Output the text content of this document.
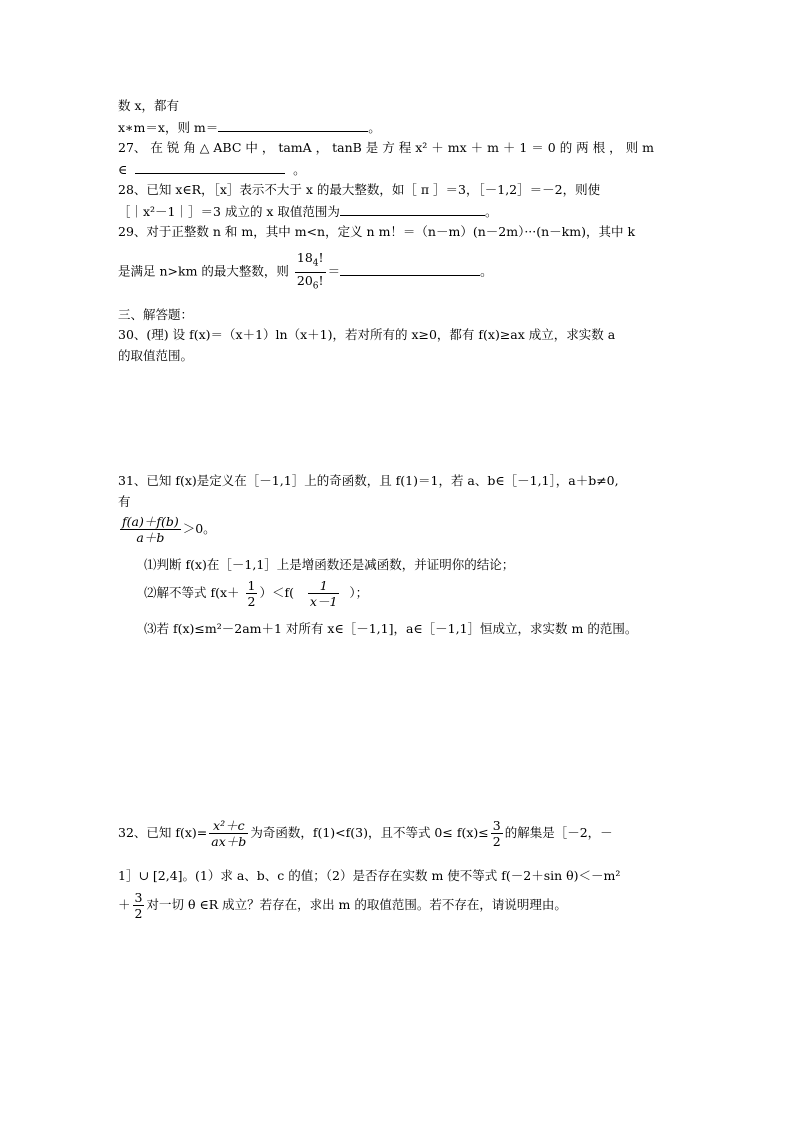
数 x，都有
x∗m＝x，则 m＝	。
27、 在 锐 角 △ ABC 中 ， tamA ， tanB 是 方 程 x² ＋ mx ＋ m ＋ 1 ＝ 0 的 两 根 ， 则 m
∈	。
28、已知 x∈R，［x］表示不大于 x 的最大整数，如［ π ］＝3，［－1,2］＝－2，则使
［｜x²－1｜］＝3 成立的 x 取值范围为	。
29、对于正整数 n 和 m，其中 m<n，定义 n m！＝（n－m）(n－2m）···(n－km)，其中 k
是满足 n>km 的最大整数，则 $\frac{18_4!}{20_6!}$ ＝	。
三、解答题：
30、(理) 设 f(x)＝（x＋1）ln（x＋1)，若对所有的 x≥0，都有 f(x)≥ax 成立，求实数 a
的取值范围。
31、已知 f(x)是定义在［－1,1］上的奇函数，且 f(1)＝1，若 a、b∈［－1,1］，a＋b≠0,
有
$\frac{f(a)+f(b)}{a+b} >0$。
⑴判断 f(x)在［－1,1］上是增函数还是减函数，并证明你的结论；
⑵解不等式 $f(x+ \frac{1}{2} )<f( \frac{1}{x-1}$ ）；
⑶若 f(x)≤m²－2am＋1 对所有 x∈［－1,1]，a∈［－1,1］恒成立，求实数 m 的范围。
32、已知 $f(x)= \frac{\text{x²＋c}}{ax+b}$ 为奇函数，f(1)<f(3)，且不等式 $0\le f(x)\le \frac{3}{2}$ 的解集是［－2，－
1］∪ [2,4]。(1）求 a、b、c 的值；（2）是否存在实数 m 使不等式 f(－2＋sin θ)＜－m²
＋ $\frac{3}{2}$ 对一切 θ ∈R 成立？若存在，求出 m 的取值范围。若不存在，请说明理由。
